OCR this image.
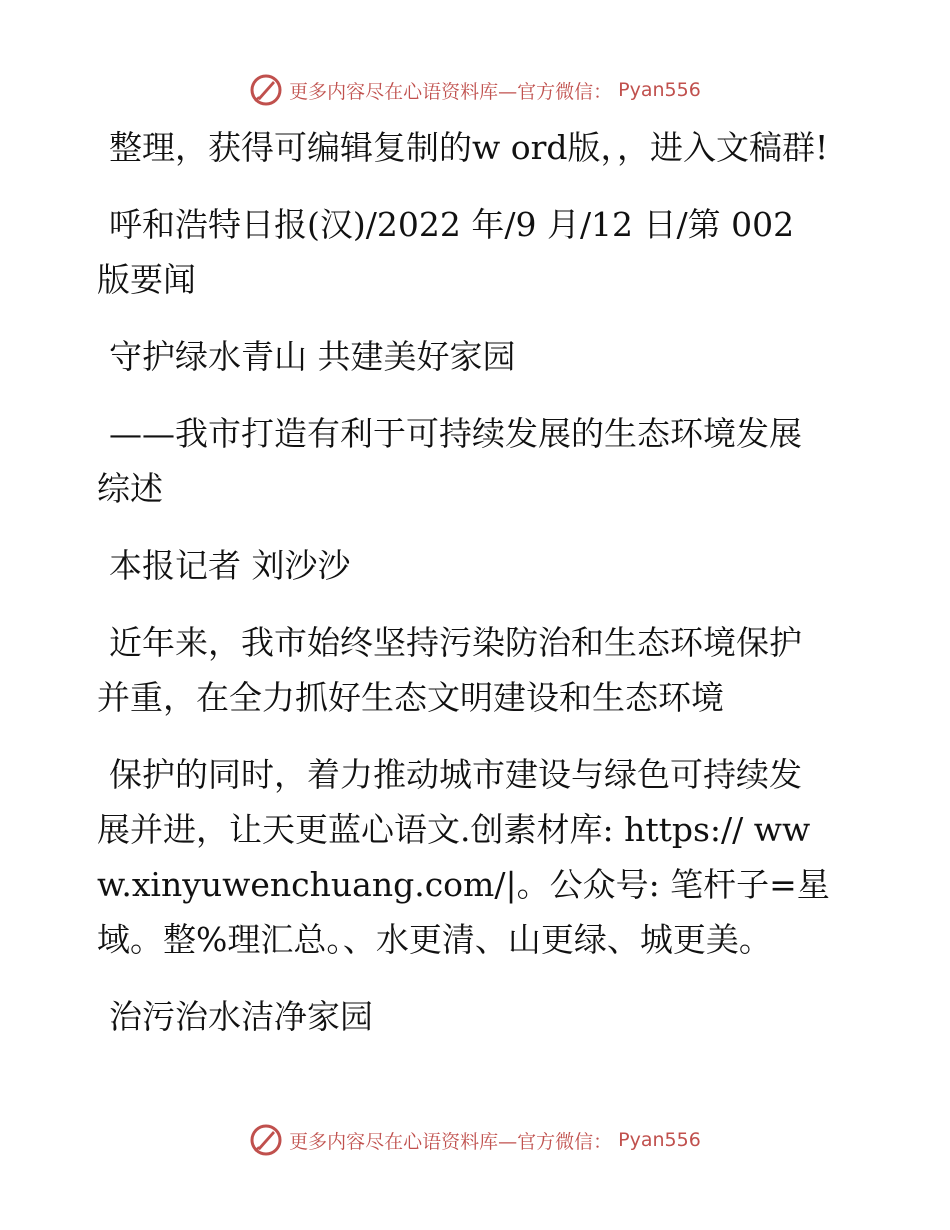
更多内容尽在心语资料库—官方微信： Pyan556

整理，获得可编辑复制的w ord版，，进入文稿群!

呼和浩特日报(汉)/2022 年/9 月/12 日/第 002 版要闻

守护绿水青山 共建美好家园

——我市打造有利于可持续发展的生态环境发展综述

本报记者 刘沙沙

近年来，我市始终坚持污染防治和生态环境保护并重，在全力抓好生态文明建设和生态环境

保护的同时，着力推动城市建设与绿色可持续发展并进，让天更蓝心语文.创素材库: https:// www.xinyuwenchuang.com/|。公众号: 笔杆子=星域。整%理汇总。、水更清、山更绿、城更美。

治污治水洁净家园

更多内容尽在心语资料库—官方微信： Pyan556
